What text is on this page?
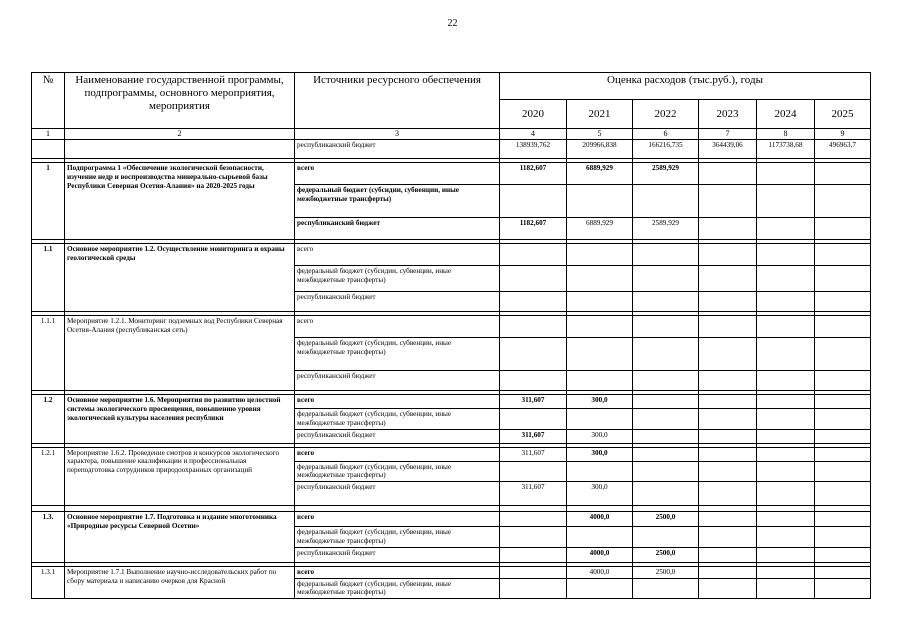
22
№	Наименование государственной программы, подпрограммы, основного мероприятия, мероприятия	Источники ресурсного обеспечения	Оценка расходов (тыс.руб.), годы					
			2020	2021	2022	2023	2024	2025
1	2	3	4	5	6	7	8	9
		республиканский бюджет	138939,762	209966,838	166216,735	364439,06	1173738,68	496963,7

1	Подпрограмма 1 «Обеспечение экологической безопасности, изучение недр и воспроизводства минерально-сырьевой базы Республики Северная Осетия-Алания» на 2020-2025 годы	всего	1182,607	6889,929	2589,929			
		федеральный бюджет (субсидии, субвенции, иные межбюджетные трансферты)						
		республиканский бюджет	1182,607	6889,929	2589,929			

1.1	Основное мероприятие 1.2. Осуществление мониторинга и охраны геологической среды	всего						
		федеральный бюджет (субсидии, субвенции, иные межбюджетные трансферты)						
		республиканский бюджет						

1.1.1	Мероприятие 1.2.1. Мониторинг подземных вод Республики Северная Осетия-Алания (республиканская сеть)	всего						
		федеральный бюджет (субсидии, субвенции, иные межбюджетные трансферты)						
		республиканский бюджет						

1.2	Основное мероприятие 1.6. Мероприятия по развитию целостной системы экологического просвещения, повышению уровня экологической культуры населения республики	всего	311,607	300,0				
		федеральный бюджет (субсидии, субвенции, иные межбюджетные трансферты)						
		республиканский бюджет	311,607	300,0				

1.2.1	Мероприятие 1.6.2. Проведение смотров и конкурсов экологического характера, повышение квалификации и профессиональная переподготовка сотрудников природоохранных организаций	всего	311,607	300,0				
		федеральный бюджет (субсидии, субвенции, иные межбюджетные трансферты)						
		республиканский бюджет	311,607	300,0				

1.3.	Основное мероприятие 1.7. Подготовка и издание многотомника «Природные ресурсы Северной Осетии»	всего		4000,0	2500,0			
		федеральный бюджет (субсидии, субвенции, иные межбюджетные трансферты)						
		республиканский бюджет		4000,0	2500,0			

1.3.1	Мероприятие 1.7.1 Выполнение научно-исследовательских работ по сбору материала и написанию очерков для Красной	всего		4000,0	2500,0			
		федеральный бюджет (субсидии, субвенции, иные межбюджетные трансферты)						
